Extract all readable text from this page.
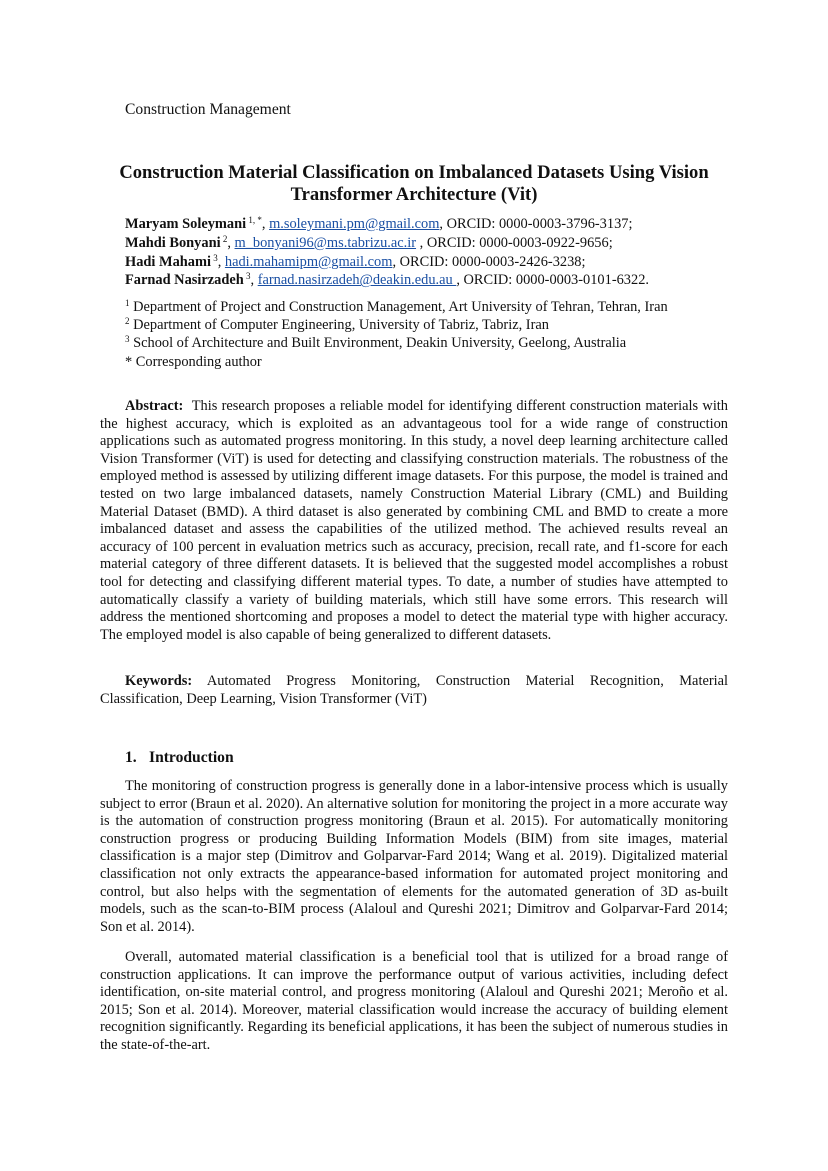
Construction Management
Construction Material Classification on Imbalanced Datasets Using Vision Transformer Architecture (Vit)
Maryam Soleymani $^{1, *}$, m.soleymani.pm@gmail.com, ORCID: 0000-0003-3796-3137;
Mahdi Bonyani $^2$, m_bonyani96@ms.tabrizu.ac.ir , ORCID: 0000-0003-0922-9656;
Hadi Mahami $^3$, hadi.mahamipm@gmail.com, ORCID: 0000-0003-2426-3238;
Farnad Nasirzadeh $^3$, farnad.nasirzadeh@deakin.edu.au , ORCID: 0000-0003-0101-6322.
$^1$ Department of Project and Construction Management, Art University of Tehran, Tehran, Iran
$^2$ Department of Computer Engineering, University of Tabriz, Tabriz, Iran
$^3$ School of Architecture and Built Environment, Deakin University, Geelong, Australia
* Corresponding author

Abstract: This research proposes a reliable model for identifying different construction materials with the highest accuracy, which is exploited as an advantageous tool for a wide range of construction applications such as automated progress monitoring. In this study, a novel deep learning architecture called Vision Transformer (ViT) is used for detecting and classifying construction materials. The robustness of the employed method is assessed by utilizing different image datasets. For this purpose, the model is trained and tested on two large imbalanced datasets, namely Construction Material Library (CML) and Building Material Dataset (BMD). A third dataset is also generated by combining CML and BMD to create a more imbalanced dataset and assess the capabilities of the utilized method. The achieved results reveal an accuracy of 100 percent in evaluation metrics such as accuracy, precision, recall rate, and f1-score for each material category of three different datasets. It is believed that the suggested model accomplishes a robust tool for detecting and classifying different material types. To date, a number of studies have attempted to automatically classify a variety of building materials, which still have some errors. This research will address the mentioned shortcoming and proposes a model to detect the material type with higher accuracy. The employed model is also capable of being generalized to different datasets.

Keywords: Automated Progress Monitoring, Construction Material Recognition, Material Classification, Deep Learning, Vision Transformer (ViT)

1. Introduction

The monitoring of construction progress is generally done in a labor-intensive process which is usually subject to error (Braun et al. 2020). An alternative solution for monitoring the project in a more accurate way is the automation of construction progress monitoring (Braun et al. 2015). For automatically monitoring construction progress or producing Building Information Models (BIM) from site images, material classification is a major step (Dimitrov and Golparvar-Fard 2014; Wang et al. 2019). Digitalized material classification not only extracts the appearance-based information for automated project monitoring and control, but also helps with the segmentation of elements for the automated generation of 3D as-built models, such as the scan-to-BIM process (Alaloul and Qureshi 2021; Dimitrov and Golparvar-Fard 2014; Son et al. 2014).

Overall, automated material classification is a beneficial tool that is utilized for a broad range of construction applications. It can improve the performance output of various activities, including defect identification, on-site material control, and progress monitoring (Alaloul and Qureshi 2021; Meroño et al. 2015; Son et al. 2014). Moreover, material classification would increase the accuracy of building element recognition significantly. Regarding its beneficial applications, it has been the subject of numerous studies in the state-of-the-art.
